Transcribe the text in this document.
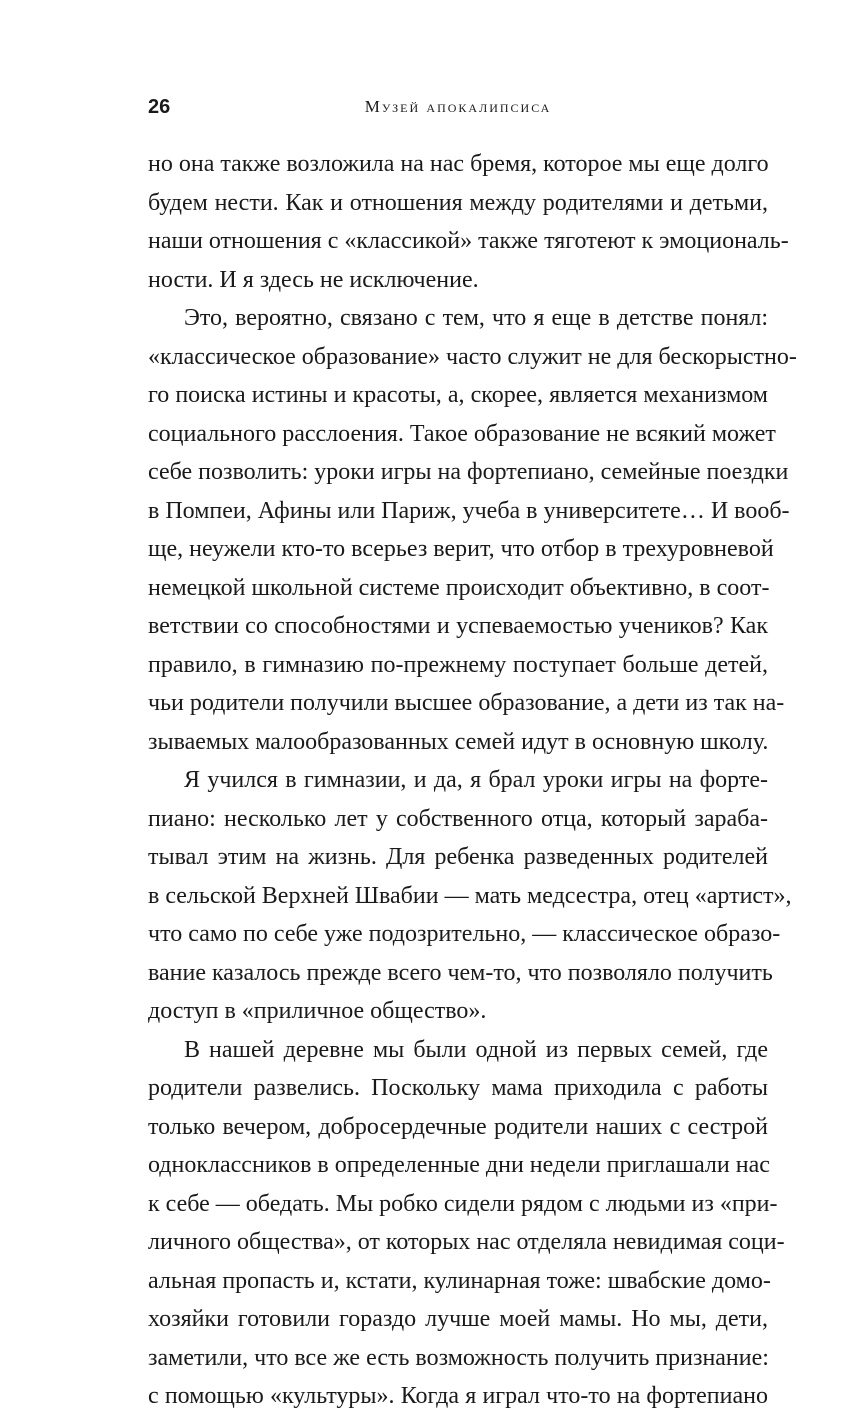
26	Музей апокалипсиса
но она также возложила на нас бремя, которое мы еще долго
будем нести. Как и отношения между родителями и детьми,
наши отношения с «классикой» также тяготеют к эмоциональ-
ности. И я здесь не исключение.
Это, вероятно, связано с тем, что я еще в детстве понял:
«классическое образование» часто служит не для бескорыстно-
го поиска истины и красоты, а, скорее, является механизмом
социального расслоения. Такое образование не всякий может
себе позволить: уроки игры на фортепиано, семейные поездки
в Помпеи, Афины или Париж, учеба в университете… И вооб-
ще, неужели кто-то всерьез верит, что отбор в трехуровневой
немецкой школьной системе происходит объективно, в соот-
ветствии со способностями и успеваемостью учеников? Как
правило, в гимназию по-прежнему поступает больше детей,
чьи родители получили высшее образование, а дети из так на-
зываемых малообразованных семей идут в основную школу.
Я учился в гимназии, и да, я брал уроки игры на форте-
пиано: несколько лет у собственного отца, который зараба-
тывал этим на жизнь. Для ребенка разведенных родителей
в сельской Верхней Швабии — мать медсестра, отец «артист»,
что само по себе уже подозрительно, — классическое образо-
вание казалось прежде всего чем-то, что позволяло получить
доступ в «приличное общество».
В нашей деревне мы были одной из первых семей, где
родители развелись. Поскольку мама приходила с работы
только вечером, добросердечные родители наших с сестрой
одноклассников в определенные дни недели приглашали нас
к себе — обедать. Мы робко сидели рядом с людьми из «при-
личного общества», от которых нас отделяла невидимая соци-
альная пропасть и, кстати, кулинарная тоже: швабские домо-
хозяйки готовили гораздо лучше моей мамы. Но мы, дети,
заметили, что все же есть возможность получить признание:
с помощью «культуры». Когда я играл что-то на фортепиано
